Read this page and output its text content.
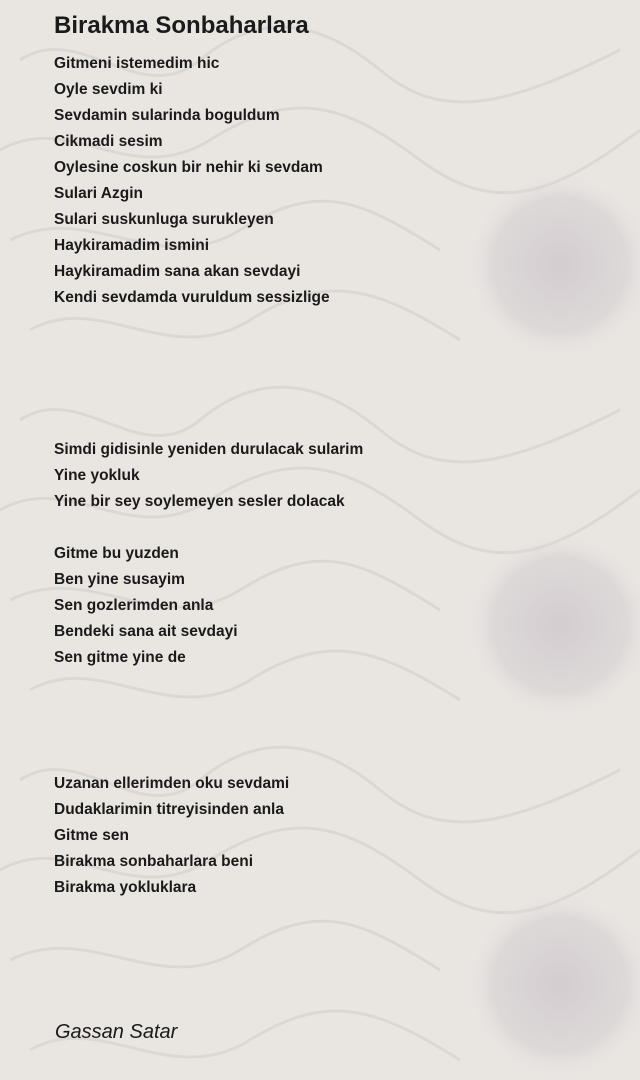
Birakma Sonbaharlara
Gitmeni istemedim hic
Oyle sevdim ki
Sevdamin sularinda boguldum
Cikmadi sesim
Oylesine coskun bir nehir ki sevdam
Sulari Azgin
Sulari suskunluga surukleyen
Haykiramadim ismini
Haykiramadim sana akan sevdayi
Kendi sevdamda vuruldum sessizlige
Simdi gidisinle yeniden durulacak sularim
Yine yokluk
Yine bir sey soylemeyen sesler dolacak
Gitme bu yuzden
Ben yine susayim
Sen gozlerimden anla
Bendeki sana ait sevdayi
Sen gitme yine de
Uzanan ellerimden oku sevdami
Dudaklarimin titreyisinden anla
Gitme sen
Birakma sonbaharlara beni
Birakma yokluklara
Gassan Satar
